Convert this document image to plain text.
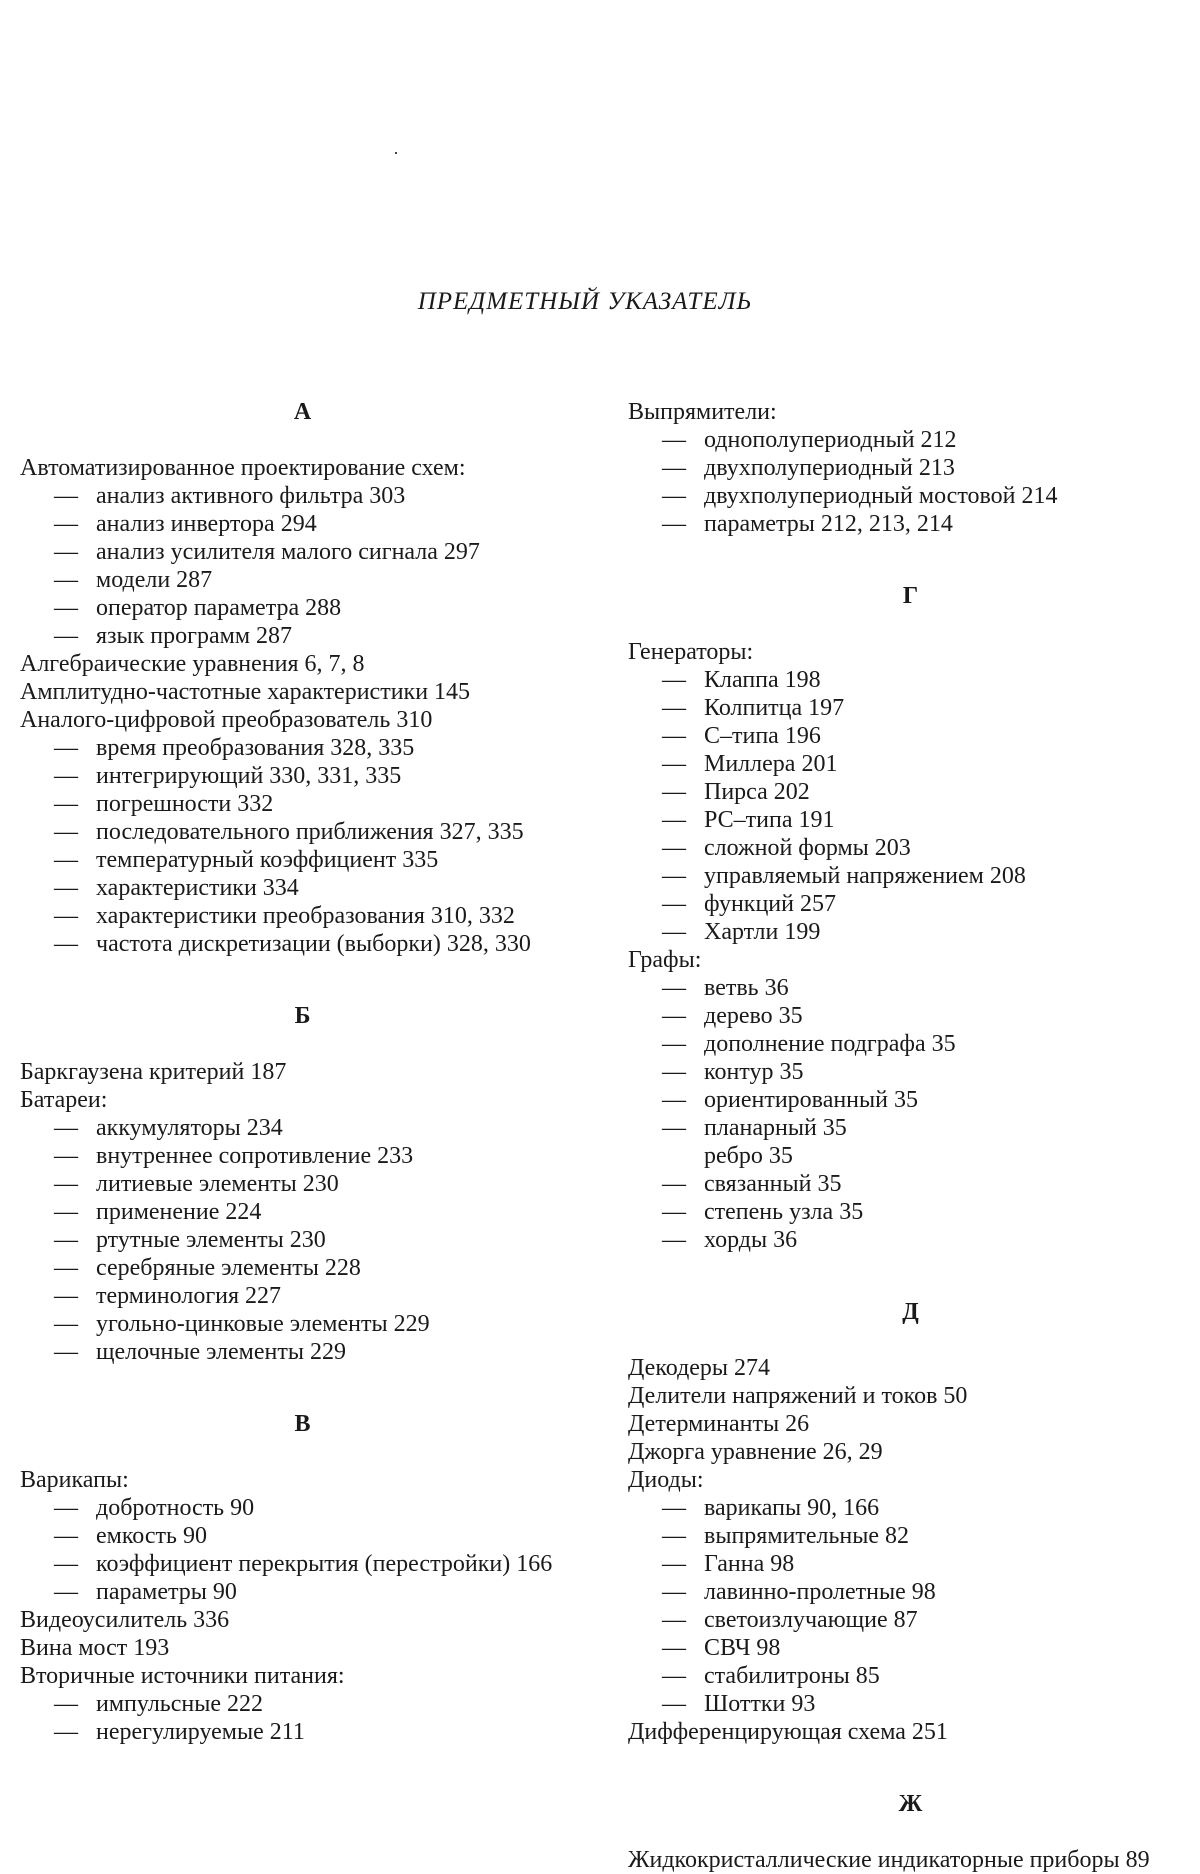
ПРЕДМЕТНЫЙ УКАЗАТЕЛЬ
А
Автоматизированное проектирование схем:
— анализ активного фильтра 303
— анализ инвертора 294
— анализ усилителя малого сигнала 297
— модели 287
— оператор параметра 288
— язык программ 287
Алгебраические уравнения 6, 7, 8
Амплитудно-частотные характеристики 145
Аналого-цифровой преобразователь 310
— время преобразования 328, 335
— интегрирующий 330, 331, 335
— погрешности 332
— последовательного приближения 327, 335
— температурный коэффициент 335
— характеристики 334
— характеристики преобразования 310, 332
— частота дискретизации (выборки) 328, 330
Б
Баркгаузена критерий 187
Батареи:
— аккумуляторы 234
— внутреннее сопротивление 233
— литиевые элементы 230
— применение 224
— ртутные элементы 230
— серебряные элементы 228
— терминология 227
— угольно-цинковые элементы 229
— щелочные элементы 229
В
Варикапы:
— добротность 90
— емкость 90
— коэффициент перекрытия (перестройки) 166
— параметры 90
Видеоусилитель 336
Вина мост 193
Вторичные источники питания:
— импульсные 222
— нерегулируемые 211
Выпрямители:
— однополупериодный 212
— двухполупериодный 213
— двухполупериодный мостовой 214
— параметры 212, 213, 214
Г
Генераторы:
— Клаппа 198
— Колпитца 197
— С–типа 196
— Миллера 201
— Пирса 202
— РС–типа 191
— сложной формы 203
— управляемый напряжением 208
— функций 257
— Хартли 199
Графы:
— ветвь 36
— дерево 35
— дополнение подграфа 35
— контур 35
— ориентированный 35
— планарный 35
ребро 35
— связанный 35
— степень узла 35
— хорды 36
Д
Декодеры 274
Делители напряжений и токов 50
Детерминанты 26
Джорга уравнение 26, 29
Диоды:
— варикапы 90, 166
— выпрямительные 82
— Ганна 98
— лавинно-пролетные 98
— светоизлучающие 87
— СВЧ 98
— стабилитроны 85
— Шоттки 93
Дифференцирующая схема 251
Ж
Жидкокристаллические индикаторные приборы 89
